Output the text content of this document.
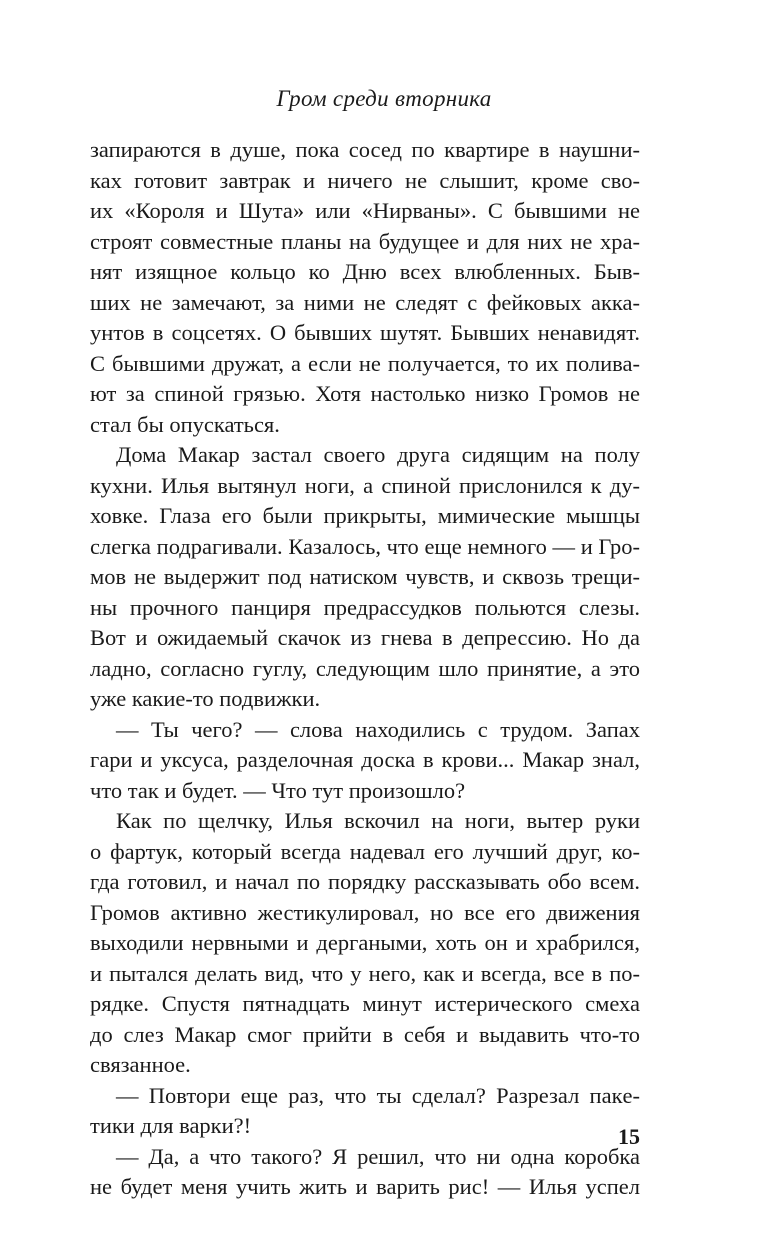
Гром среди вторника
запираются в душе, пока сосед по квартире в наушни-
ках готовит завтрак и ничего не слышит, кроме сво-
их «Короля и Шута» или «Нирваны». С бывшими не
строят совместные планы на будущее и для них не хра-
нят изящное кольцо ко Дню всех влюбленных. Быв-
ших не замечают, за ними не следят с фейковых акка-
унтов в соцсетях. О бывших шутят. Бывших ненавидят.
С бывшими дружат, а если не получается, то их полива-
ют за спиной грязью. Хотя настолько низко Громов не
стал бы опускаться.
Дома Макар застал своего друга сидящим на полу
кухни. Илья вытянул ноги, а спиной прислонился к ду-
ховке. Глаза его были прикрыты, мимические мышцы
слегка подрагивали. Казалось, что еще немного — и Гро-
мов не выдержит под натиском чувств, и сквозь трещи-
ны прочного панциря предрассудков польются слезы.
Вот и ожидаемый скачок из гнева в депрессию. Но да
ладно, согласно гуглу, следующим шло принятие, а это
уже какие-то подвижки.
— Ты чего? — слова находились с трудом. Запах
гари и уксуса, разделочная доска в крови... Макар знал,
что так и будет. — Что тут произошло?
Как по щелчку, Илья вскочил на ноги, вытер руки
о фартук, который всегда надевал его лучший друг, ко-
гда готовил, и начал по порядку рассказывать обо всем.
Громов активно жестикулировал, но все его движения
выходили нервными и дергаными, хоть он и храбрился,
и пытался делать вид, что у него, как и всегда, все в по-
рядке. Спустя пятнадцать минут истерического смеха
до слез Макар смог прийти в себя и выдавить что-то
связанное.
— Повтори еще раз, что ты сделал? Разрезал пакe-
тики для варки?!
— Да, а что такого? Я решил, что ни одна коробка
не будет меня учить жить и варить рис! — Илья успел
15
